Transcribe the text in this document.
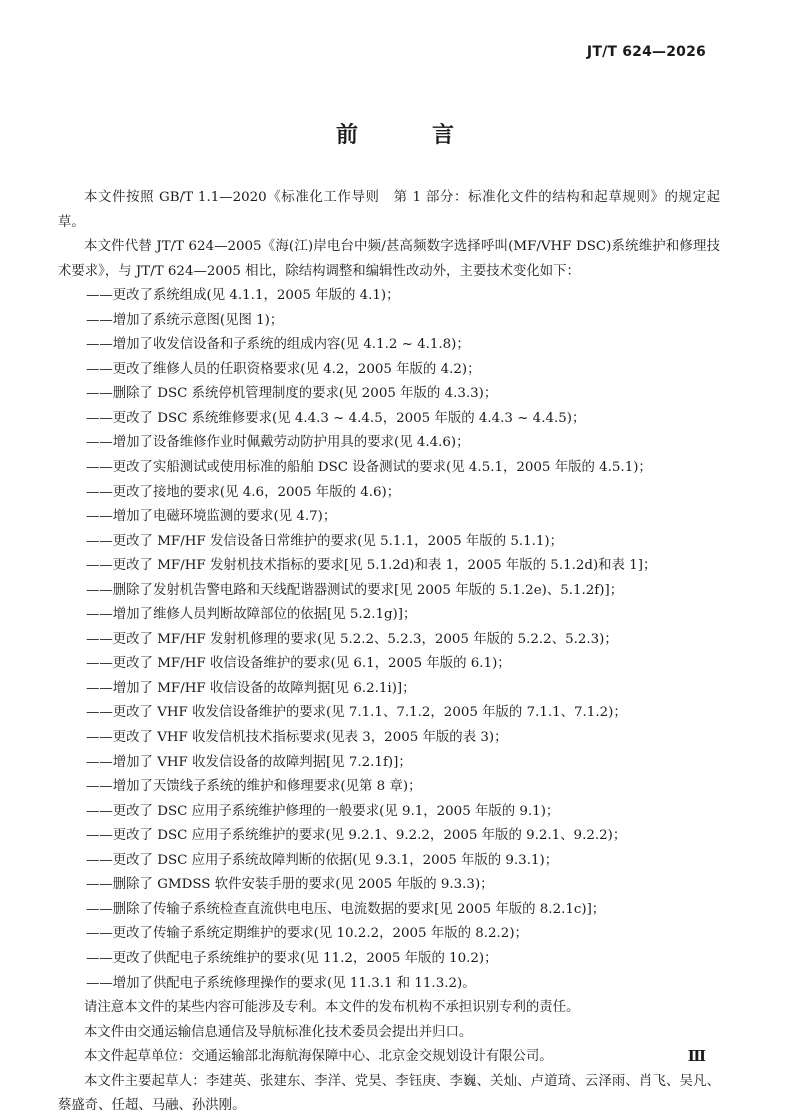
JT/T 624—2026
前　言

本文件按照 GB/T 1.1—2020《标准化工作导则　第 1 部分：标准化文件的结构和起草规则》的规定起草。

本文件代替 JT/T 624—2005《海(江)岸电台中频/甚高频数字选择呼叫(MF/VHF DSC)系统维护和修理技术要求》，与 JT/T 624—2005 相比，除结构调整和编辑性改动外，主要技术变化如下：

——更改了系统组成(见 4.1.1，2005 年版的 4.1)；

——增加了系统示意图(见图 1)；

——增加了收发信设备和子系统的组成内容(见 4.1.2 ~ 4.1.8)；

——更改了维修人员的任职资格要求(见 4.2，2005 年版的 4.2)；

——删除了 DSC 系统停机管理制度的要求(见 2005 年版的 4.3.3)；

——更改了 DSC 系统维修要求(见 4.4.3 ~ 4.4.5，2005 年版的 4.4.3 ~ 4.4.5)；

——增加了设备维修作业时佩戴劳动防护用具的要求(见 4.4.6)；

——更改了实船测试或使用标准的船舶 DSC 设备测试的要求(见 4.5.1，2005 年版的 4.5.1)；

——更改了接地的要求(见 4.6，2005 年版的 4.6)；

——增加了电磁环境监测的要求(见 4.7)；

——更改了 MF/HF 发信设备日常维护的要求(见 5.1.1，2005 年版的 5.1.1)；

——更改了 MF/HF 发射机技术指标的要求[见 5.1.2d)和表 1，2005 年版的 5.1.2d)和表 1]；

——删除了发射机告警电路和天线配谐器测试的要求[见 2005 年版的 5.1.2e)、5.1.2f)]；

——增加了维修人员判断故障部位的依据[见 5.2.1g)]；

——更改了 MF/HF 发射机修理的要求(见 5.2.2、5.2.3，2005 年版的 5.2.2、5.2.3)；

——更改了 MF/HF 收信设备维护的要求(见 6.1，2005 年版的 6.1)；

——增加了 MF/HF 收信设备的故障判据[见 6.2.1i)]；

——更改了 VHF 收发信设备维护的要求(见 7.1.1、7.1.2，2005 年版的 7.1.1、7.1.2)；

——更改了 VHF 收发信机技术指标要求(见表 3，2005 年版的表 3)；

——增加了 VHF 收发信设备的故障判据[见 7.2.1f)]；

——增加了天馈线子系统的维护和修理要求(见第 8 章)；

——更改了 DSC 应用子系统维护修理的一般要求(见 9.1，2005 年版的 9.1)；

——更改了 DSC 应用子系统维护的要求(见 9.2.1、9.2.2，2005 年版的 9.2.1、9.2.2)；

——更改了 DSC 应用子系统故障判断的依据(见 9.3.1，2005 年版的 9.3.1)；

——删除了 GMDSS 软件安装手册的要求(见 2005 年版的 9.3.3)；

——删除了传输子系统检查直流供电电压、电流数据的要求[见 2005 年版的 8.2.1c)]；

——更改了传输子系统定期维护的要求(见 10.2.2，2005 年版的 8.2.2)；

——更改了供配电子系统维护的要求(见 11.2，2005 年版的 10.2)；

——增加了供配电子系统修理操作的要求(见 11.3.1 和 11.3.2)。

请注意本文件的某些内容可能涉及专利。本文件的发布机构不承担识别专利的责任。

本文件由交通运输信息通信及导航标准化技术委员会提出并归口。

本文件起草单位：交通运输部北海航海保障中心、北京金交规划设计有限公司。

本文件主要起草人：李建英、张建东、李洋、党昊、李钰庚、李巍、关灿、卢道琦、云泽雨、肖飞、吴凡、蔡盛奇、任超、马融、孙洪刚。

Ⅲ
